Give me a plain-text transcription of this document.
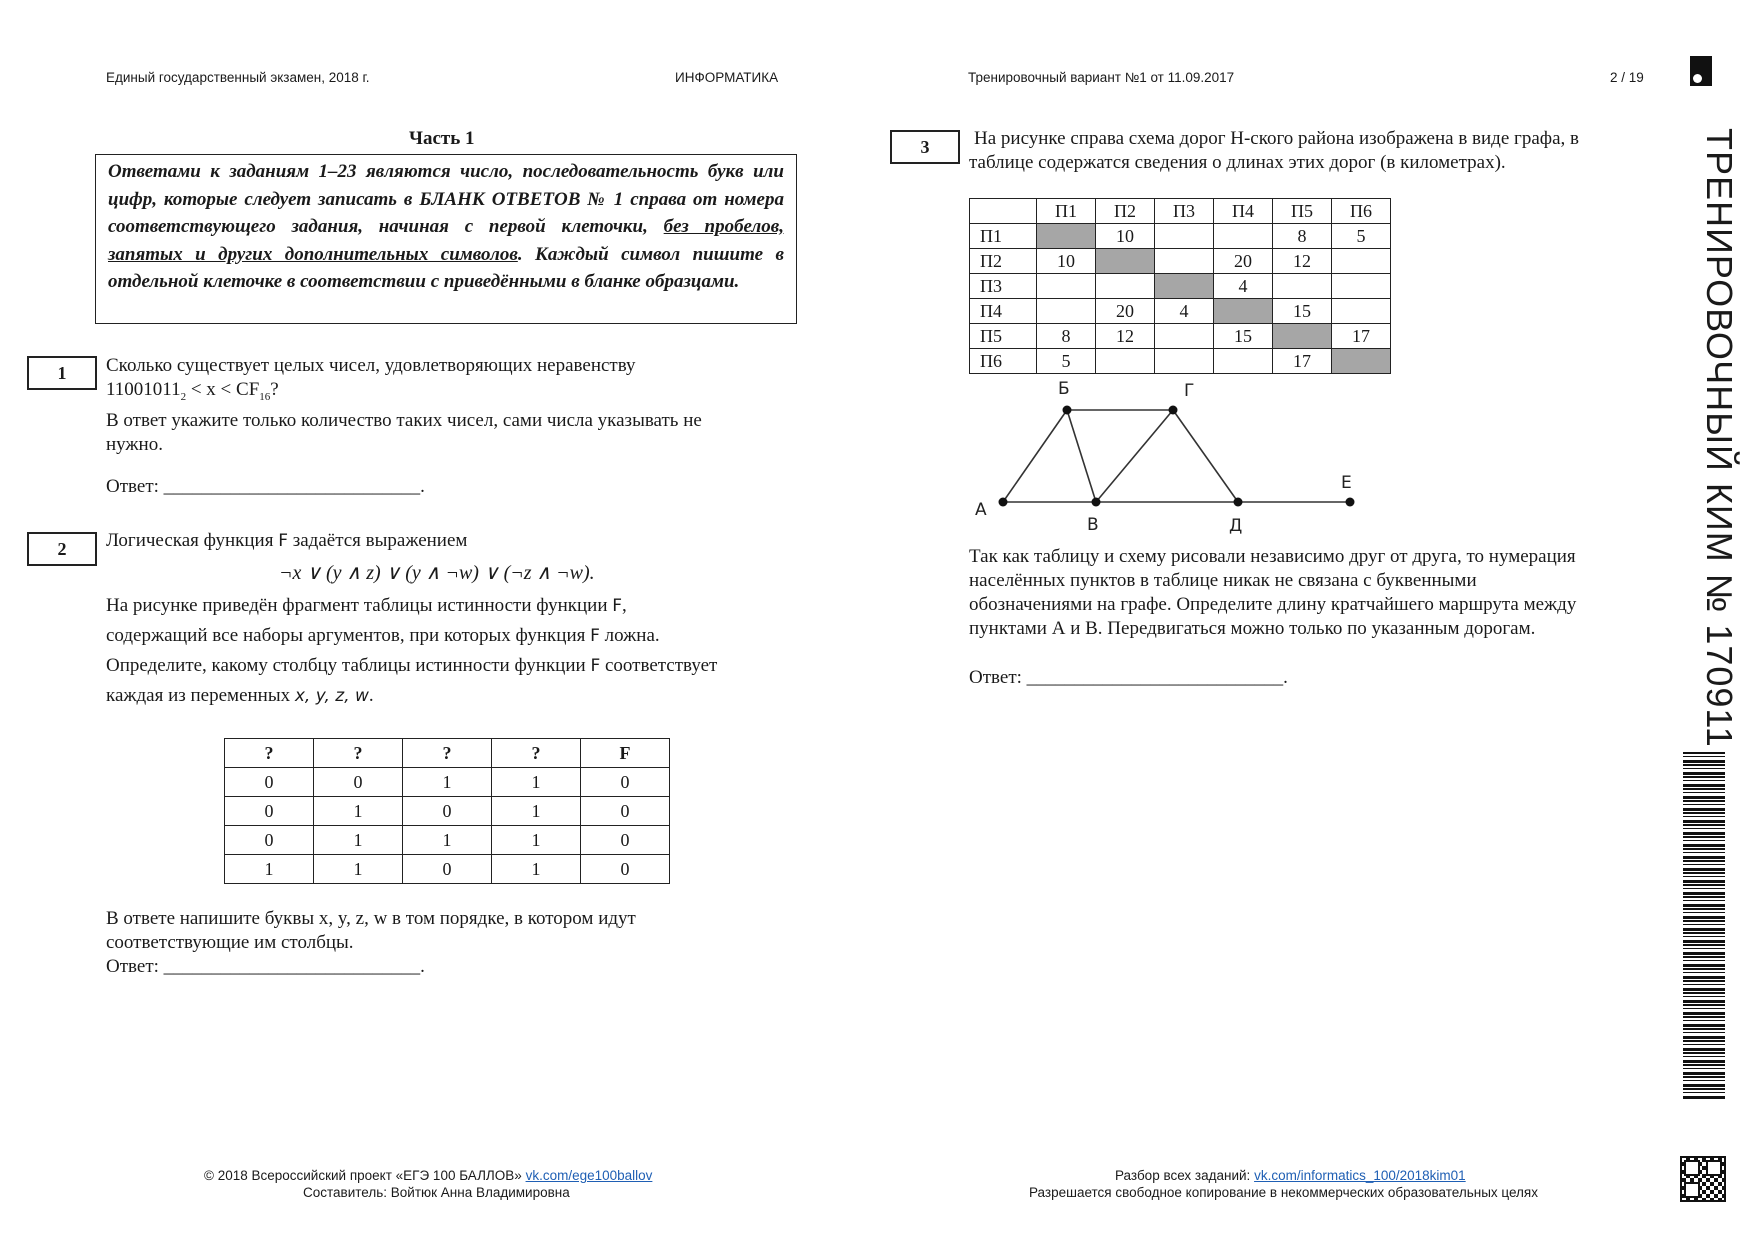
Единый государственный экзамен, 2018 г.	ИНФОРМАТИКА	Тренировочный вариант №1 от 11.09.2017	2 / 19
Часть 1
Ответами к заданиям 1–23 являются число, последовательность букв или цифр, которые следует записать в БЛАНК ОТВЕТОВ № 1 справа от номера соответствующего задания, начиная с первой клеточки, без пробелов, запятых и других дополнительных символов. Каждый символ пишите в отдельной клеточке в соответствии с приведёнными в бланке образцами.
1	Сколько существует целых чисел, удовлетворяющих неравенству
$11001011_2 < x < CF_{16}$?
В ответ укажите только количество таких чисел, сами числа указывать не
нужно.
Ответ: ___________________________.
2	Логическая функция F задаётся выражением
¬x ∨ (y ∧ z) ∨ (y ∧ ¬w) ∨ (¬z ∧ ¬w).
На рисунке приведён фрагмент таблицы истинности функции F,
содержащий все наборы аргументов, при которых функция F ложна.
Определите, какому столбцу таблицы истинности функции F соответствует
каждая из переменных x, y, z, w.
?	?	?	?	F
0	0	1	1	0
0	1	0	1	0
0	1	1	1	0
1	1	0	1	0
В ответе напишите буквы x, y, z, w в том порядке, в котором идут
соответствующие им столбцы.
Ответ: ___________________________.
3	На рисунке справа схема дорог Н-ского района изображена в виде графа, в
таблице содержатся сведения о длинах этих дорог (в километрах).
	П1	П2	П3	П4	П5	П6
П1		10			8	5
П2	10			20	12	
П3				4		
П4		20	4		15	
П5	8	12		15		17
П6	5				17	
А
Б	Г
В	Д
Е
Так как таблицу и схему рисовали независимо друг от друга, то нумерация
населённых пунктов в таблице никак не связана с буквенными
обозначениями на графе. Определите длину кратчайшего маршрута между
пунктами А и В. Передвигаться можно только по указанным дорогам.
Ответ: ___________________________.	ТРЕНИРОВОЧНЫЙ КИМ № 170911
© 2018 Всероссийский проект «ЕГЭ 100 БАЛЛОВ» vk.com/ege100ballov
Составитель: Войтюк Анна Владимировна
Разбор всех заданий: vk.com/informatics_100/2018kim01
Разрешается свободное копирование в некоммерческих образовательных целях
